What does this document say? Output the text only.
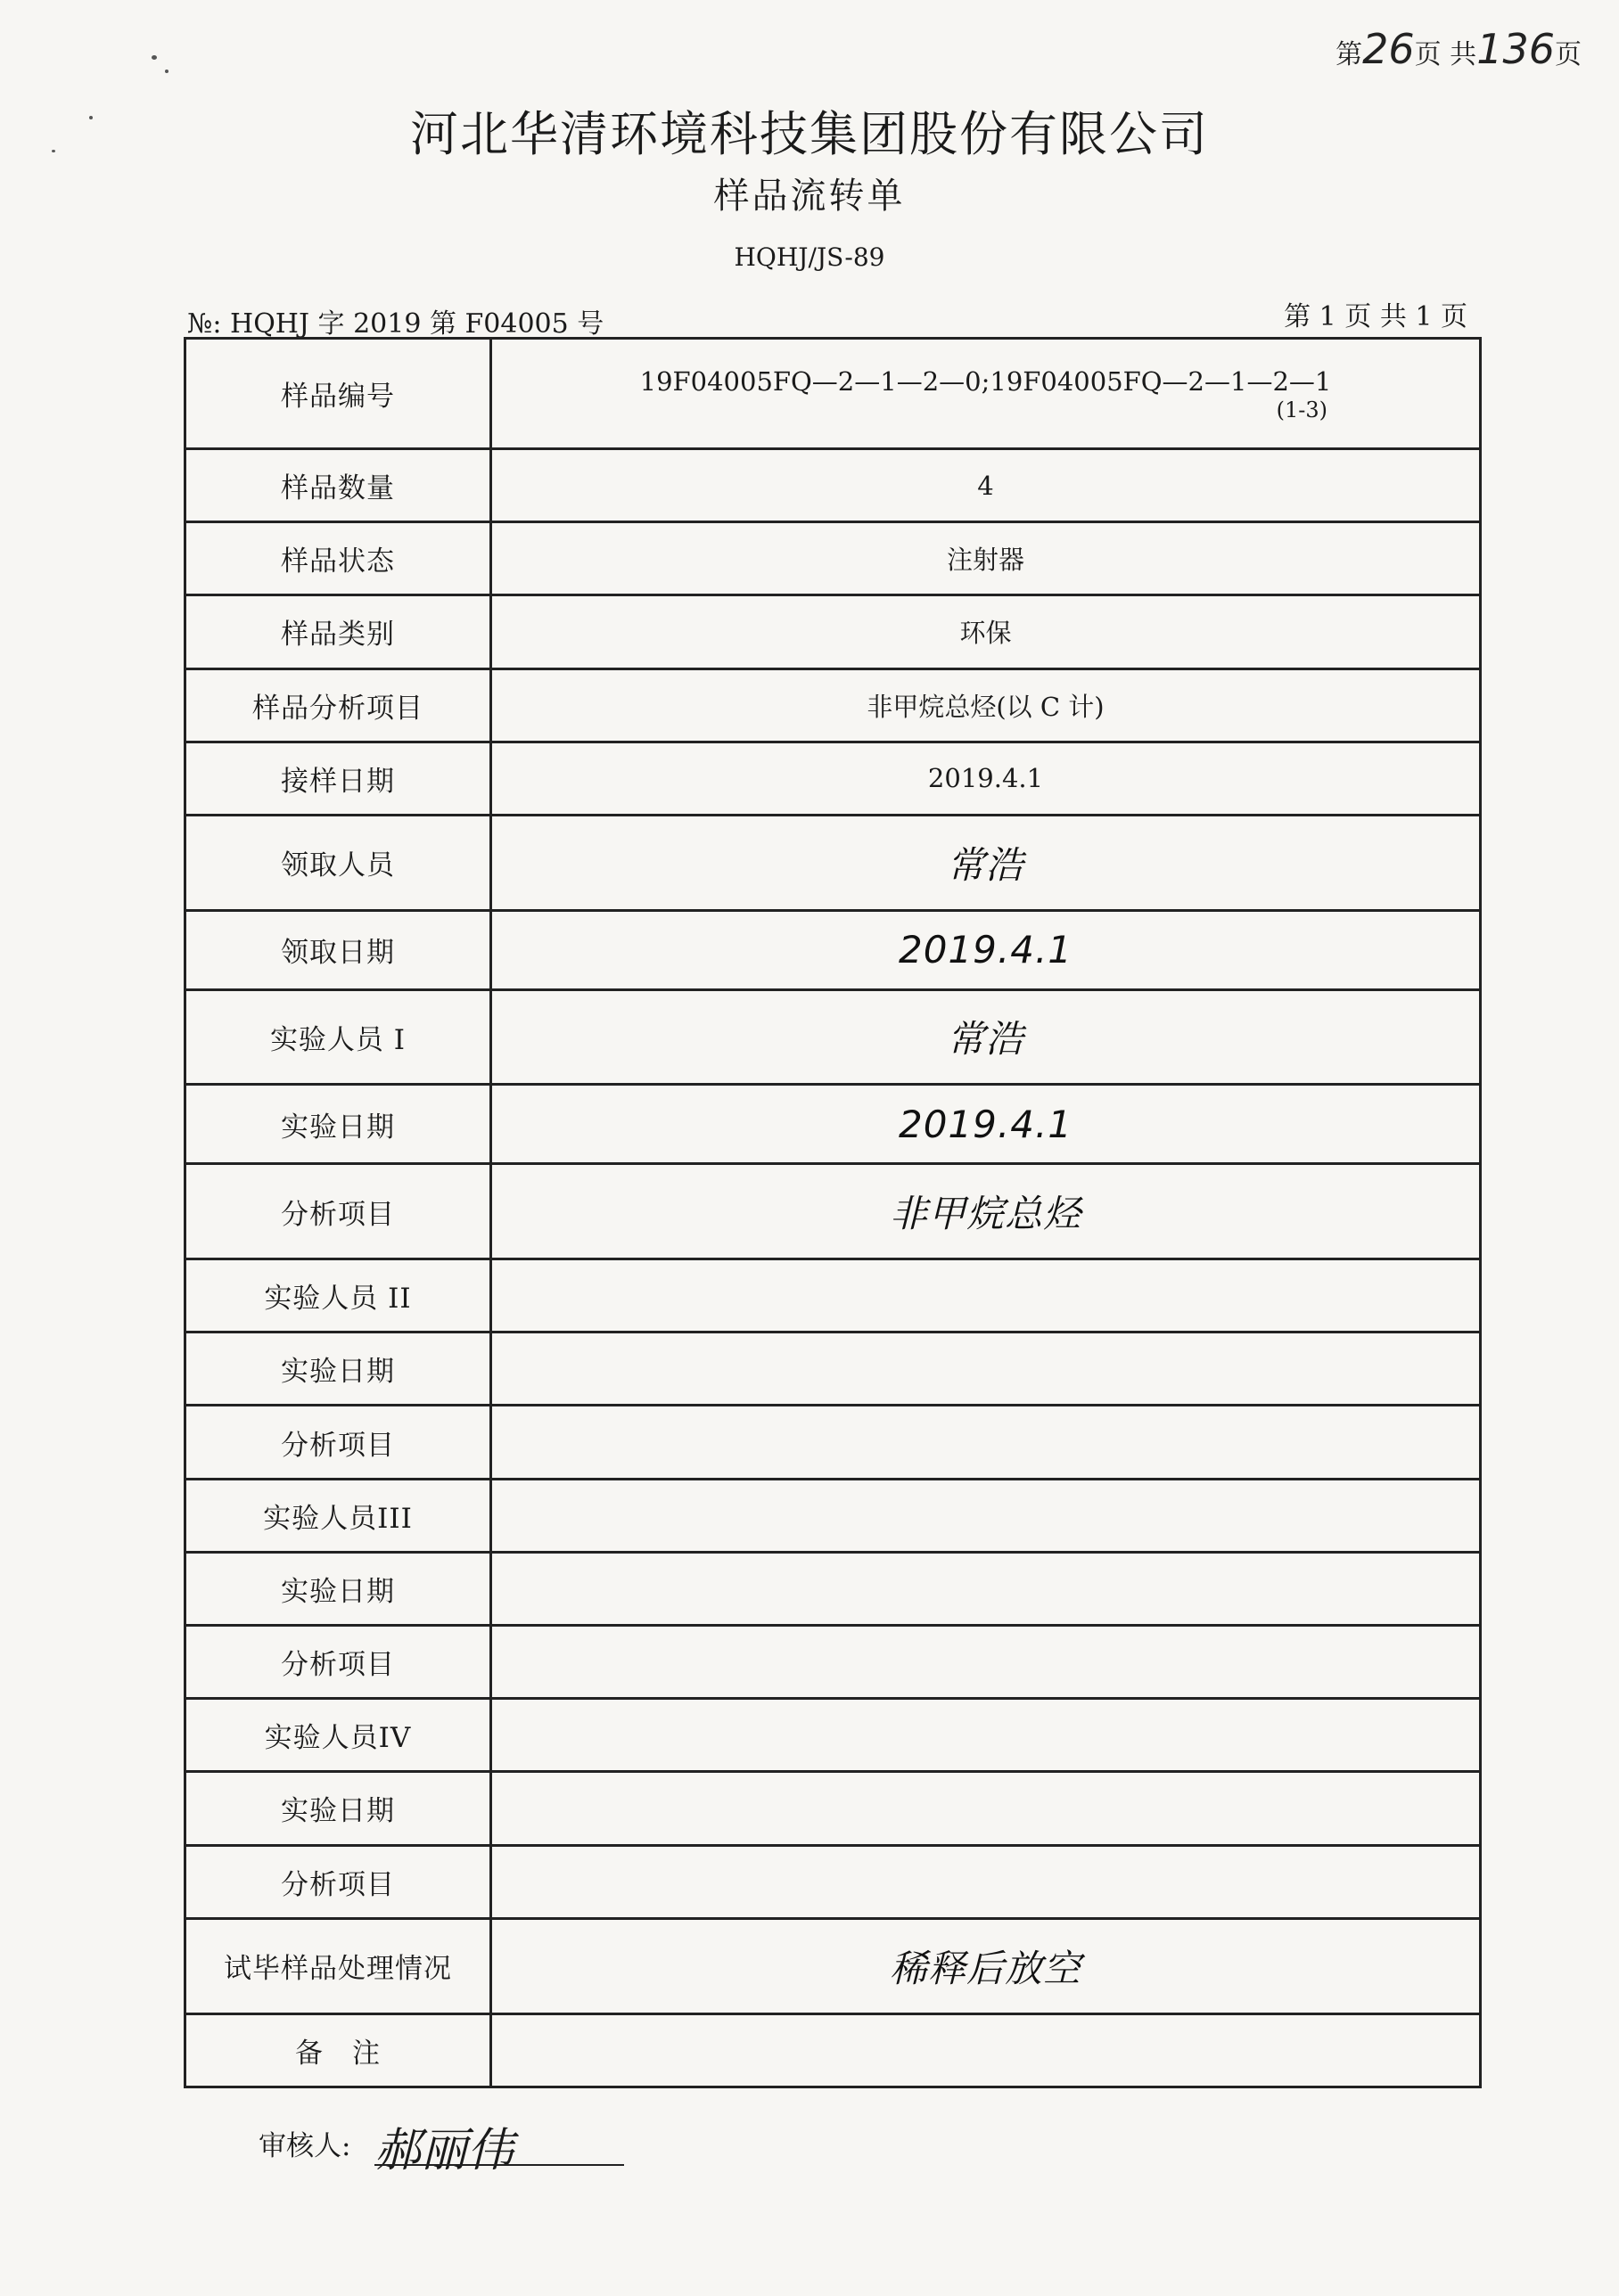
第26页 共136页
河北华清环境科技集团股份有限公司
样品流转单
HQHJ/JS-89
№: HQHJ 字 2019 第 F04005 号	第 1 页 共 1 页
样品编号	19F04005FQ—2—1—2—0;19F04005FQ—2—1—2—1
(1-3)

样品数量	4
样品状态	注射器
样品类别	环保
样品分析项目	非甲烷总烃(以 C 计)
接样日期	2019.4.1
领取人员	常浩
领取日期	2019.4.1
实验人员 I	常浩
实验日期	2019.4.1
分析项目	非甲烷总烃
实验人员 II	
实验日期	
分析项目	
实验人员III	
实验日期	
分析项目	
实验人员IV	
实验日期	
分析项目	
试毕样品处理情况	稀释后放空
备　注	
审核人: 郝丽伟
